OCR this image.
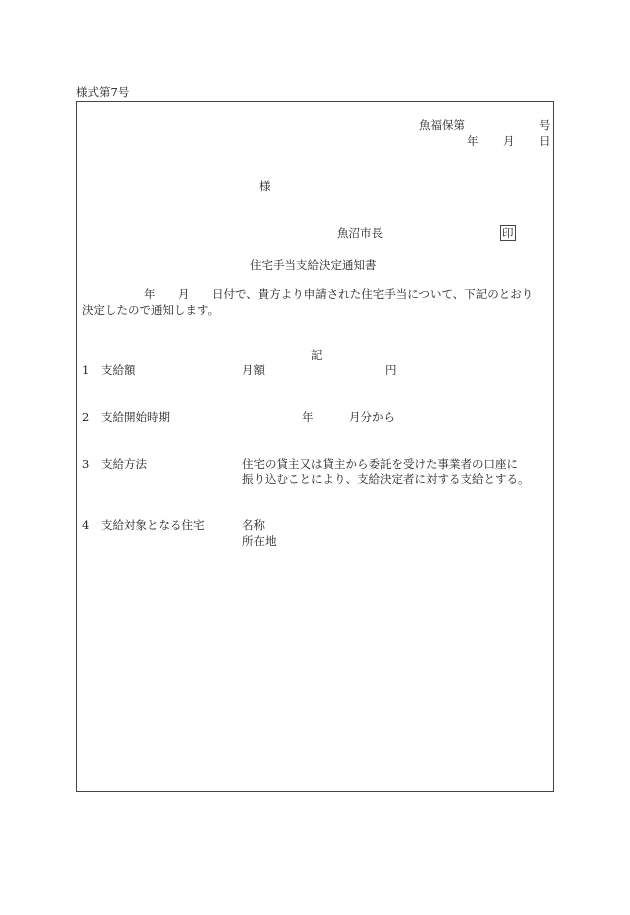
様式第7号
魚福保第	号
年 月 日
様
魚沼市長	印
住宅手当支給決定通知書
年 月 日付で、貴方より申請された住宅手当について、下記のとおり
決定したので通知します。
記
1 支給額	月額	円
2 支給開始時期	年	月分から
3 支給方法	住宅の貸主又は貸主から委託を受けた事業者の口座に
振り込むことにより、支給決定者に対する支給とする。
4 支給対象となる住宅	名称
所在地
